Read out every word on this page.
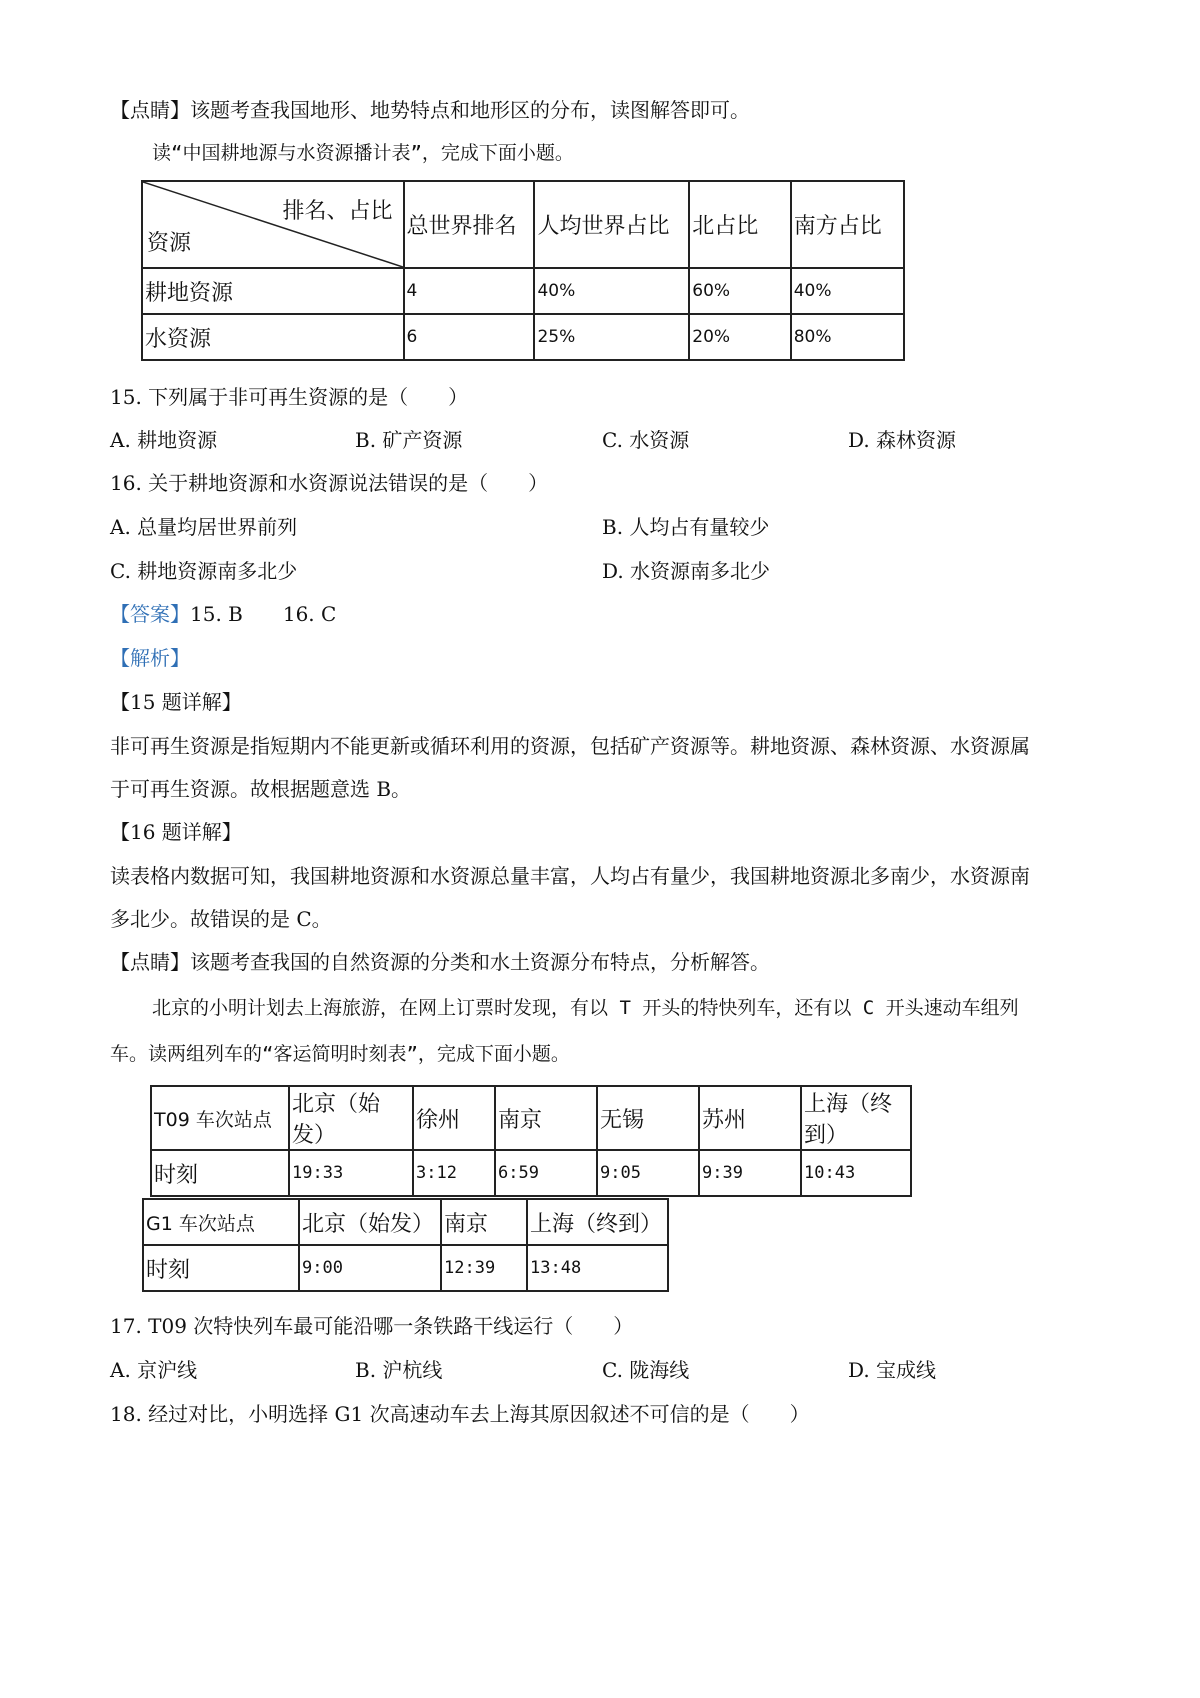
【点睛】该题考查我国地形、地势特点和地形区的分布，读图解答即可。
读“中国耕地源与水资源播计表”，完成下面小题。
排名、占比
资源	总世界排名	人均世界占比	北占比	南方占比
耕地资源	4	40%	60%	40%
水资源	6	25%	20%	80%
15. 下列属于非可再生资源的是（　　）
A. 耕地资源	B. 矿产资源	C. 水资源	D. 森林资源
16. 关于耕地资源和水资源说法错误的是（　　）
A. 总量均居世界前列	B. 人均占有量较少
C. 耕地资源南多北少	D. 水资源南多北少
【答案】15. B　　16. C
【解析】
【15 题详解】
非可再生资源是指短期内不能更新或循环利用的资源，包括矿产资源等。耕地资源、森林资源、水资源属
于可再生资源。故根据题意选 B。
【16 题详解】
读表格内数据可知，我国耕地资源和水资源总量丰富，人均占有量少，我国耕地资源北多南少，水资源南
多北少。故错误的是 C。
【点睛】该题考查我国的自然资源的分类和水土资源分布特点，分析解答。
北京的小明计划去上海旅游，在网上订票时发现，有以 T 开头的特快列车，还有以 C 开头速动车组列
车。读两组列车的“客运简明时刻表”，完成下面小题。
T09 车次站点	北京（始发）	徐州	南京	无锡	苏州	上海（终到）
时刻	19:33	3:12	6:59	9:05	9:39	10:43
G1 车次站点	北京（始发）	南京	上海（终到）
时刻	9:00	12:39	13:48
17. T09 次特快列车最可能沿哪一条铁路干线运行（　　）
A. 京沪线	B. 沪杭线	C. 陇海线	D. 宝成线
18. 经过对比，小明选择 G1 次高速动车去上海其原因叙述不可信的是（　　）
